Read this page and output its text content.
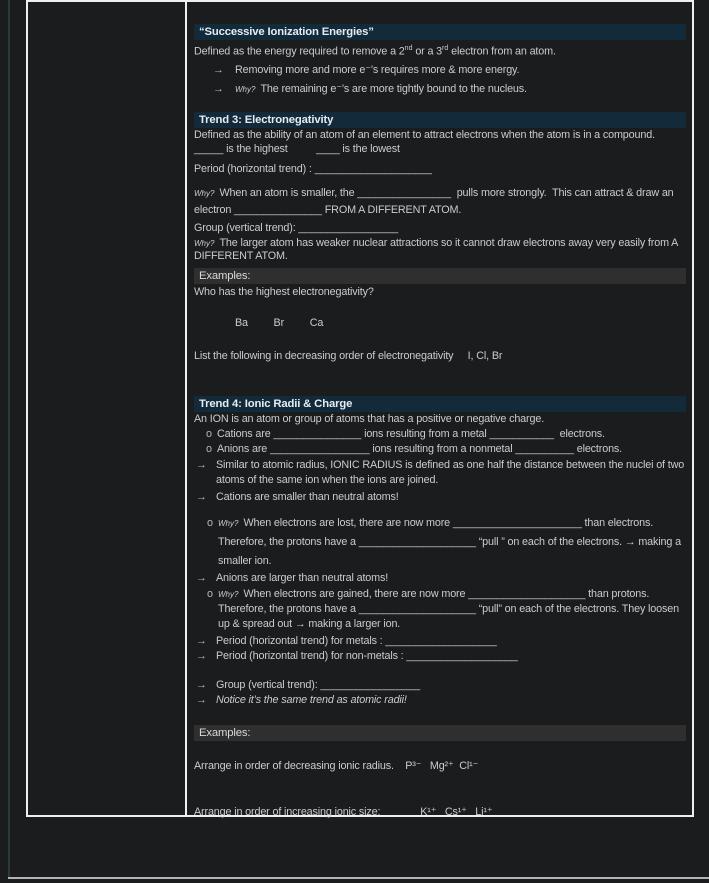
“Successive Ionization Energies”
Defined as the energy required to remove a 2nd or a 3rd electron from an atom.
→	Removing more and more e⁻’s requires more & more energy.
→	Why? The remaining e⁻’s are more tightly bound to the nucleus.
Trend 3: Electronegativity
Defined as the ability of an atom of an element to attract electrons when the atom is in a compound.
_____ is the highest          ____ is the lowest
Period (horizontal trend) : ____________________
Why? When an atom is smaller, the ________________  pulls more strongly.  This can attract & draw an electron _______________ FROM A DIFFERENT ATOM.
Group (vertical trend): _________________
Why? The larger atom has weaker nuclear attractions so it cannot draw electrons away very easily from A DIFFERENT ATOM.
Examples:
Who has the highest electronegativity?
Ba         Br         Ca
List the following in decreasing order of electronegativity     I, Cl, Br
Trend 4: Ionic Radii & Charge
An ION is an atom or group of atoms that has a positive or negative charge.
o Cations are _______________ ions resulting from a metal ___________  electrons.
o Anions are _________________ ions resulting from a nonmetal __________ electrons.
→ Similar to atomic radius, IONIC RADIUS is defined as one half the distance between the nuclei of two atoms of the same ion when the ions are joined.
→ Cations are smaller than neutral atoms!
o Why? When electrons are lost, there are now more ______________________ than electrons. Therefore, the protons have a ____________________ “pull ” on each of the electrons. → making a smaller ion.
→ Anions are larger than neutral atoms!
o Why? When electrons are gained, there are now more ____________________ than protons.  Therefore, the protons have a ____________________ “pull” on each of the electrons. They loosen up & spread out → making a larger ion.
→ Period (horizontal trend) for metals : ___________________
→ Period (horizontal trend) for non-metals : ___________________
→ Group (vertical trend): _________________
→ Notice it’s the same trend as atomic radii!
Examples:
Arrange in order of decreasing ionic radius.    P³⁻   Mg²⁺  Cl¹⁻
Arrange in order of increasing ionic size:              K¹⁺   Cs¹⁺   Li¹⁺
